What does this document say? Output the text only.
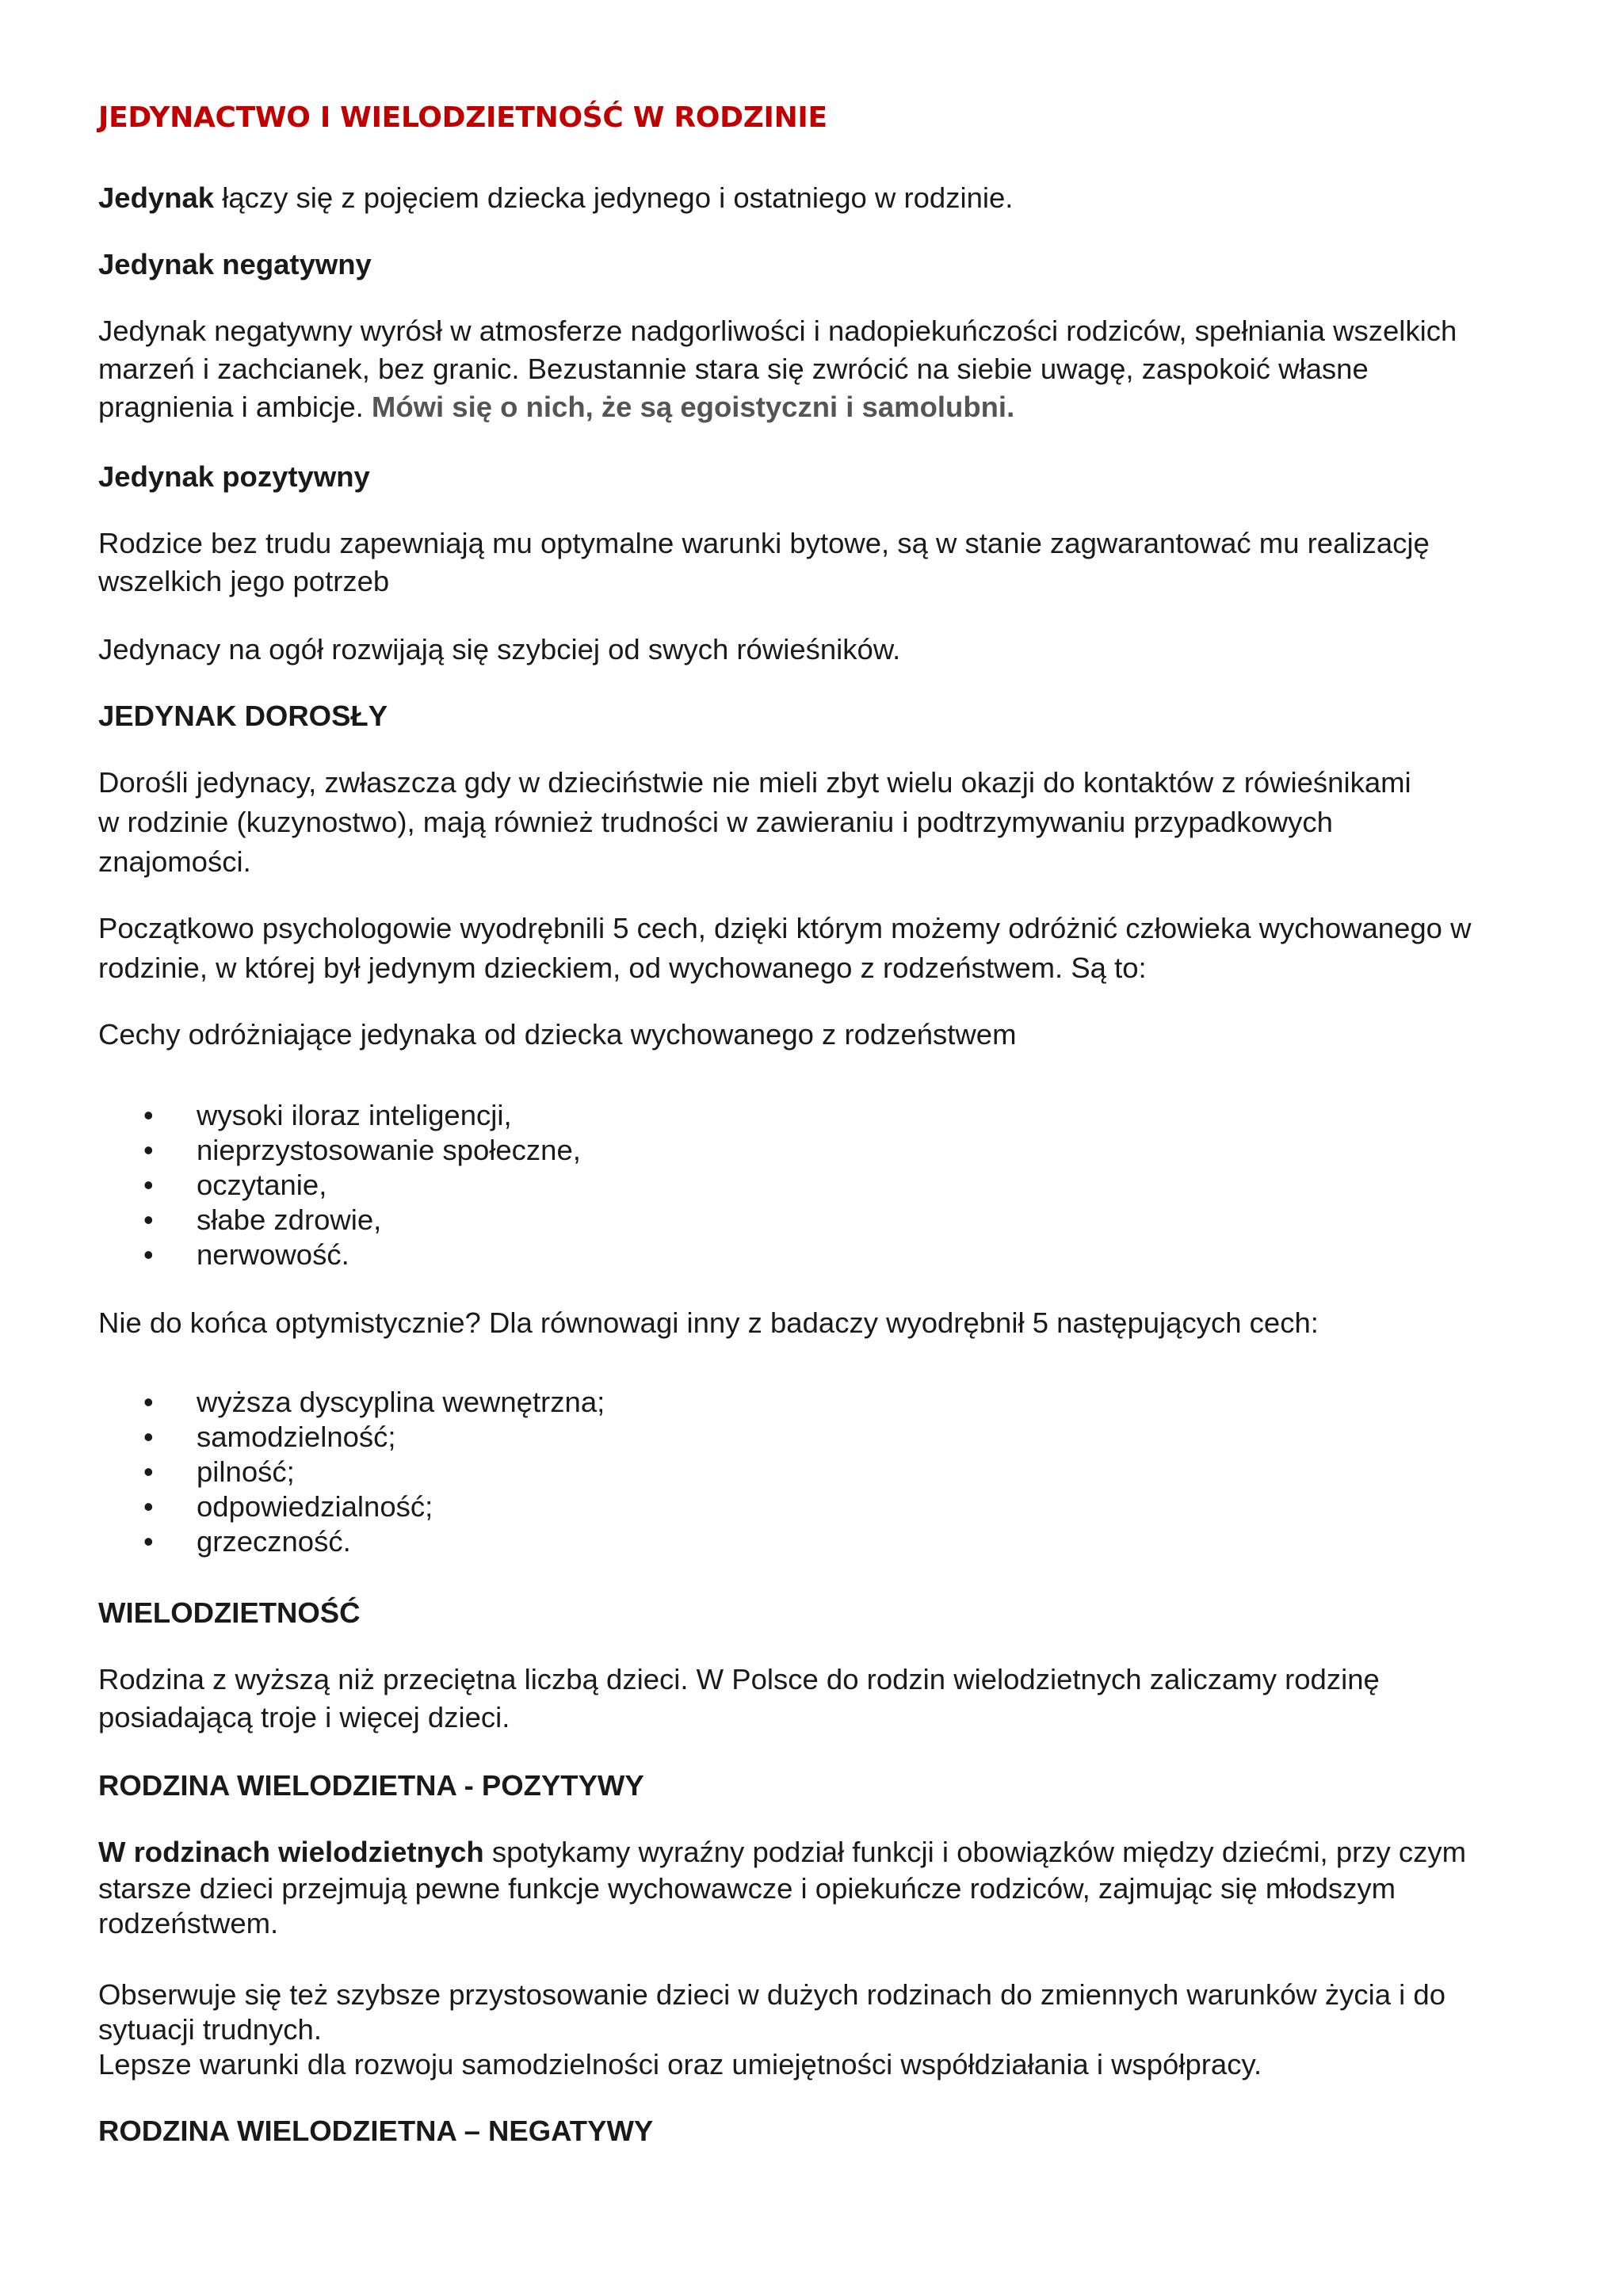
JEDYNACTWO I WIELODZIETNOŚĆ W RODZINIE

Jedynak łączy się z pojęciem dziecka jedynego i ostatniego w rodzinie.

Jedynak negatywny

Jedynak negatywny wyrósł w atmosferze nadgorliwości i nadopiekuńczości rodziców, spełniania wszelkich

marzeń i zachcianek, bez granic. Bezustannie stara się zwrócić na siebie uwagę, zaspokoić własne

pragnienia i ambicje. Mówi się o nich, że są egoistyczni i samolubni.

Jedynak pozytywny

Rodzice bez trudu zapewniają mu optymalne warunki bytowe, są w stanie zagwarantować mu realizację

wszelkich jego potrzeb

Jedynacy na ogół rozwijają się szybciej od swych rówieśników.

JEDYNAK DOROSŁY

Dorośli jedynacy, zwłaszcza gdy w dzieciństwie nie mieli zbyt wielu okazji do kontaktów z rówieśnikami

w rodzinie (kuzynostwo), mają również trudności w zawieraniu i podtrzymywaniu przypadkowych

znajomości.

Początkowo psychologowie wyodrębnili 5 cech, dzięki którym możemy odróżnić człowieka wychowanego w

rodzinie, w której był jedynym dzieckiem, od wychowanego z rodzeństwem. Są to:

Cechy odróżniające jedynaka od dziecka wychowanego z rodzeństwem

• wysoki iloraz inteligencji,
• nieprzystosowanie społeczne,
• oczytanie,
• słabe zdrowie,
• nerwowość.

Nie do końca optymistycznie? Dla równowagi inny z badaczy wyodrębnił 5 następujących cech:

• wyższa dyscyplina wewnętrzna;
• samodzielność;
• pilność;
• odpowiedzialność;
• grzeczność.

WIELODZIETNOŚĆ

Rodzina z wyższą niż przeciętna liczbą dzieci. W Polsce do rodzin wielodzietnych zaliczamy rodzinę

posiadającą troje i więcej dzieci.

RODZINA WIELODZIETNA - POZYTYWY

W rodzinach wielodzietnych spotykamy wyraźny podział funkcji i obowiązków między dziećmi, przy czym

starsze dzieci przejmują pewne funkcje wychowawcze i opiekuńcze rodziców, zajmując się młodszym

rodzeństwem.

Obserwuje się też szybsze przystosowanie dzieci w dużych rodzinach do zmiennych warunków życia i do

sytuacji trudnych.

Lepsze warunki dla rozwoju samodzielności oraz umiejętności współdziałania i współpracy.

RODZINA WIELODZIETNA – NEGATYWY
